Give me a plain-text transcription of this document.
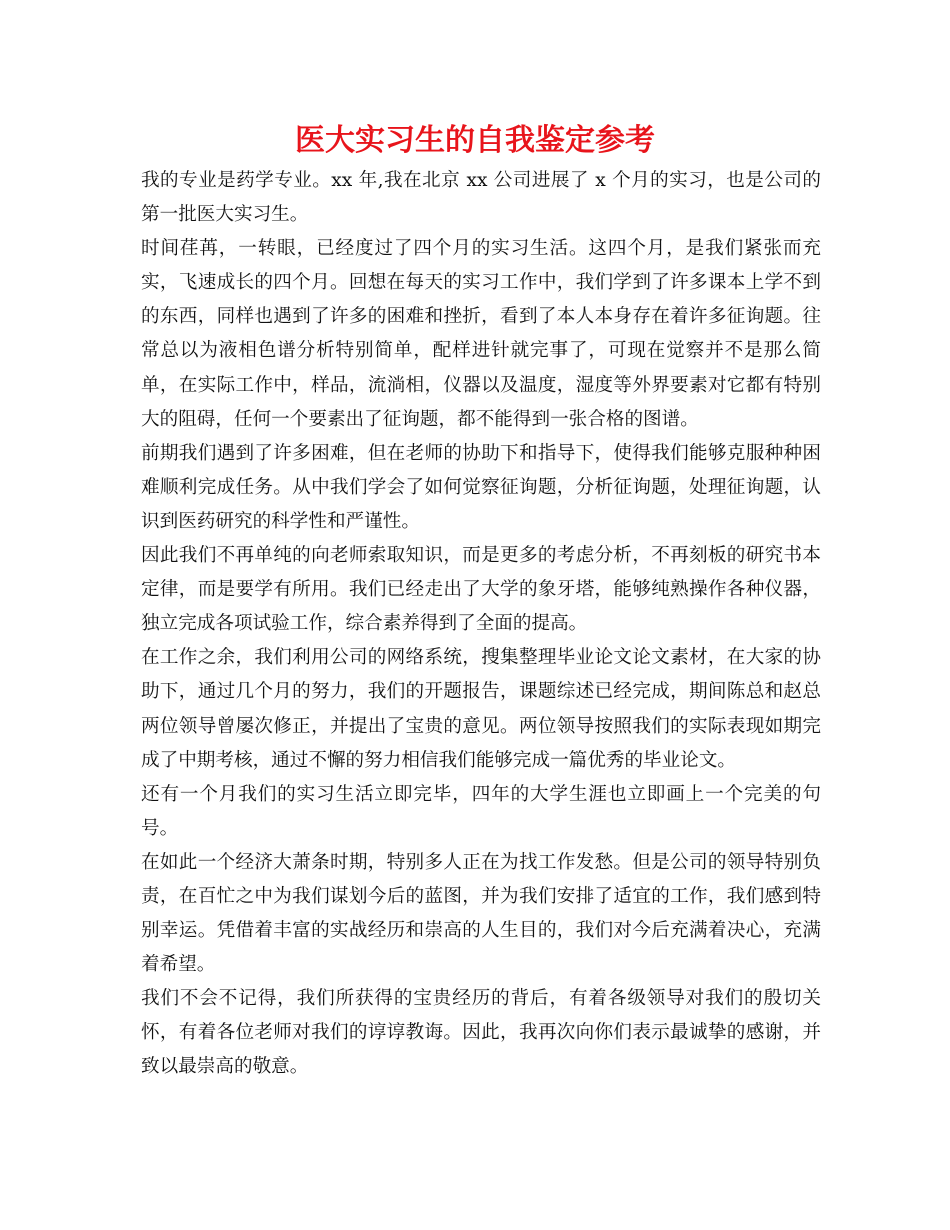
医大实习生的自我鉴定参考

我的专业是药学专业。xx 年,我在北京 xx 公司进展了 x 个月的实习，也是公司的第一批医大实习生。

时间荏苒，一转眼，已经度过了四个月的实习生活。这四个月，是我们紧张而充实，飞速成长的四个月。回想在每天的实习工作中，我们学到了许多课本上学不到的东西，同样也遇到了许多的困难和挫折，看到了本人本身存在着许多征询题。往常总以为液相色谱分析特别简单，配样进针就完事了，可现在觉察并不是那么简单，在实际工作中，样品，流淌相，仪器以及温度，湿度等外界要素对它都有特别大的阻碍，任何一个要素出了征询题，都不能得到一张合格的图谱。

前期我们遇到了许多困难，但在老师的协助下和指导下，使得我们能够克服种种困难顺利完成任务。从中我们学会了如何觉察征询题，分析征询题，处理征询题，认识到医药研究的科学性和严谨性。

因此我们不再单纯的向老师索取知识，而是更多的考虑分析，不再刻板的研究书本定律，而是要学有所用。我们已经走出了大学的象牙塔，能够纯熟操作各种仪器，独立完成各项试验工作，综合素养得到了全面的提高。

在工作之余，我们利用公司的网络系统，搜集整理毕业论文论文素材，在大家的协助下，通过几个月的努力，我们的开题报告，课题综述已经完成，期间陈总和赵总两位领导曾屡次修正，并提出了宝贵的意见。两位领导按照我们的实际表现如期完成了中期考核，通过不懈的努力相信我们能够完成一篇优秀的毕业论文。

还有一个月我们的实习生活立即完毕，四年的大学生涯也立即画上一个完美的句号。

在如此一个经济大萧条时期，特别多人正在为找工作发愁。但是公司的领导特别负责，在百忙之中为我们谋划今后的蓝图，并为我们安排了适宜的工作，我们感到特别幸运。凭借着丰富的实战经历和崇高的人生目的，我们对今后充满着决心，充满着希望。

我们不会不记得，我们所获得的宝贵经历的背后，有着各级领导对我们的殷切关怀，有着各位老师对我们的谆谆教诲。因此，我再次向你们表示最诚挚的感谢，并致以最崇高的敬意。
